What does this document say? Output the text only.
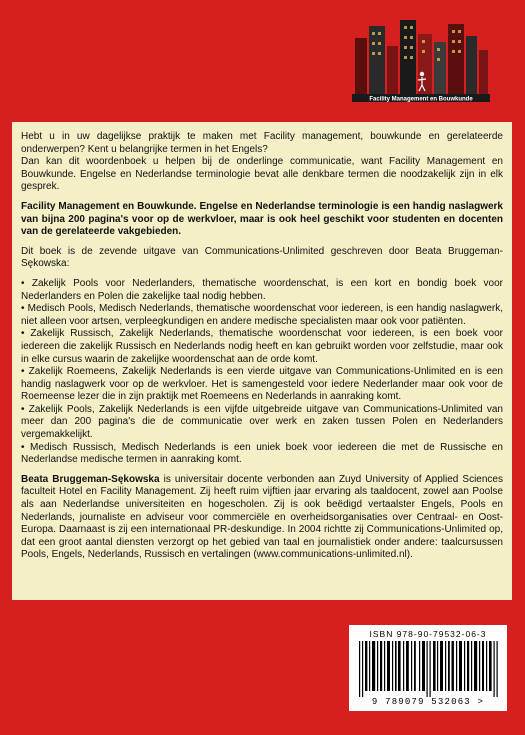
Facility Management en Bouwkunde

Hebt u in uw dagelijkse praktijk te maken met Facility management, bouwkunde en gerelateerde onderwerpen? Kent u belangrijke termen in het Engels?

Dan kan dit woordenboek u helpen bij de onderlinge communicatie, want Facility Management en Bouwkunde. Engelse en Nederlandse terminologie bevat alle denkbare termen die noodzakelijk zijn in elk gesprek.

Facility Management en Bouwkunde. Engelse en Nederlandse terminologie is een handig naslagwerk van bijna 200 pagina's voor op de werkvloer, maar is ook heel geschikt voor studenten en docenten van de gerelateerde vakgebieden.

Dit boek is de zevende uitgave van Communications-Unlimited geschreven door Beata Bruggeman-Sękowska:

• Zakelijk Pools voor Nederlanders, thematische woordenschat, is een kort en bondig boek voor Nederlanders en Polen die zakelijke taal nodig hebben.

• Medisch Pools, Medisch Nederlands, thematische woordenschat voor iedereen, is een handig naslagwerk, niet alleen voor artsen, verpleegkundigen en andere medische specialisten maar ook voor patiënten.

• Zakelijk Russisch, Zakelijk Nederlands, thematische woordenschat voor iedereen, is een boek voor iedereen die zakelijk Russisch en Nederlands nodig heeft en kan gebruikt worden voor zelfstudie, maar ook in elke cursus waarin de zakelijke woordenschat aan de orde komt.

• Zakelijk Roemeens, Zakelijk Nederlands is een vierde uitgave van Communications-Unlimited en is een handig naslagwerk voor op de werkvloer. Het is samengesteld voor iedere Nederlander maar ook voor de Roemeense lezer die in zijn praktijk met Roemeens en Nederlands in aanraking komt.

• Zakelijk Pools, Zakelijk Nederlands is een vijfde uitgebreide uitgave van Communications-Unlimited van meer dan 200 pagina's die de communicatie over werk en zaken tussen Polen en Nederlanders vergemakkelijkt.

• Medisch Russisch, Medisch Nederlands is een uniek boek voor iedereen die met de Russische en Nederlandse medische termen in aanraking komt.

Beata Bruggeman-Sękowska is universitair docente verbonden aan Zuyd University of Applied Sciences faculteit Hotel en Facility Management. Zij heeft ruim vijftien jaar ervaring als taaldocent, zowel aan Poolse als aan Nederlandse universiteiten en hogescholen. Zij is ook beëdigd vertaalster Engels, Pools en Nederlands, journaliste en adviseur voor commerciële en overheidsorganisaties over Centraal- en Oost-Europa. Daarnaast is zij een internationaal PR-deskundige. In 2004 richtte zij Communications-Unlimited op, dat een groot aantal diensten verzorgt op het gebied van taal en journalistiek onder andere: taalcursussen Pools, Engels, Nederlands, Russisch en vertalingen (www.communications-unlimited.nl).

ISBN 978-90-79532-06-3
9 789079 532063 >
